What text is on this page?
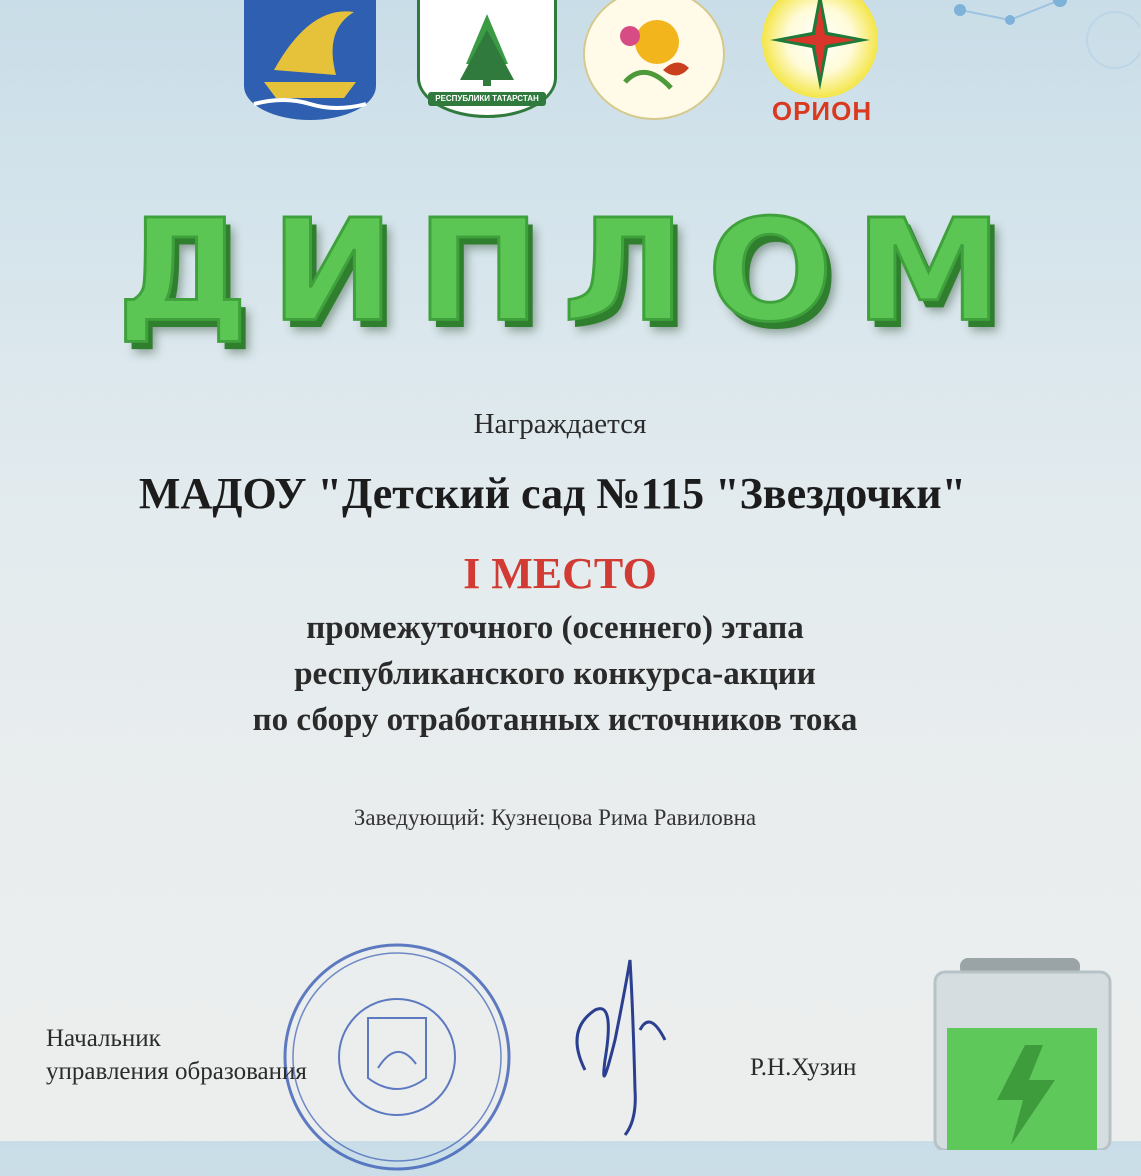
РЕСПУБЛИКИ ТАТАРСТАН	ОРИОН
ДИПЛОМ
Награждается
МАДОУ "Детский сад №115 "Звездочки"
I МЕСТО
промежуточного (осеннего) этапа
республиканского конкурса-акции
по сбору отработанных источников тока
Заведующий: Кузнецова Рима Равиловна
Начальник
управления образования	Р.Н.Хузин
